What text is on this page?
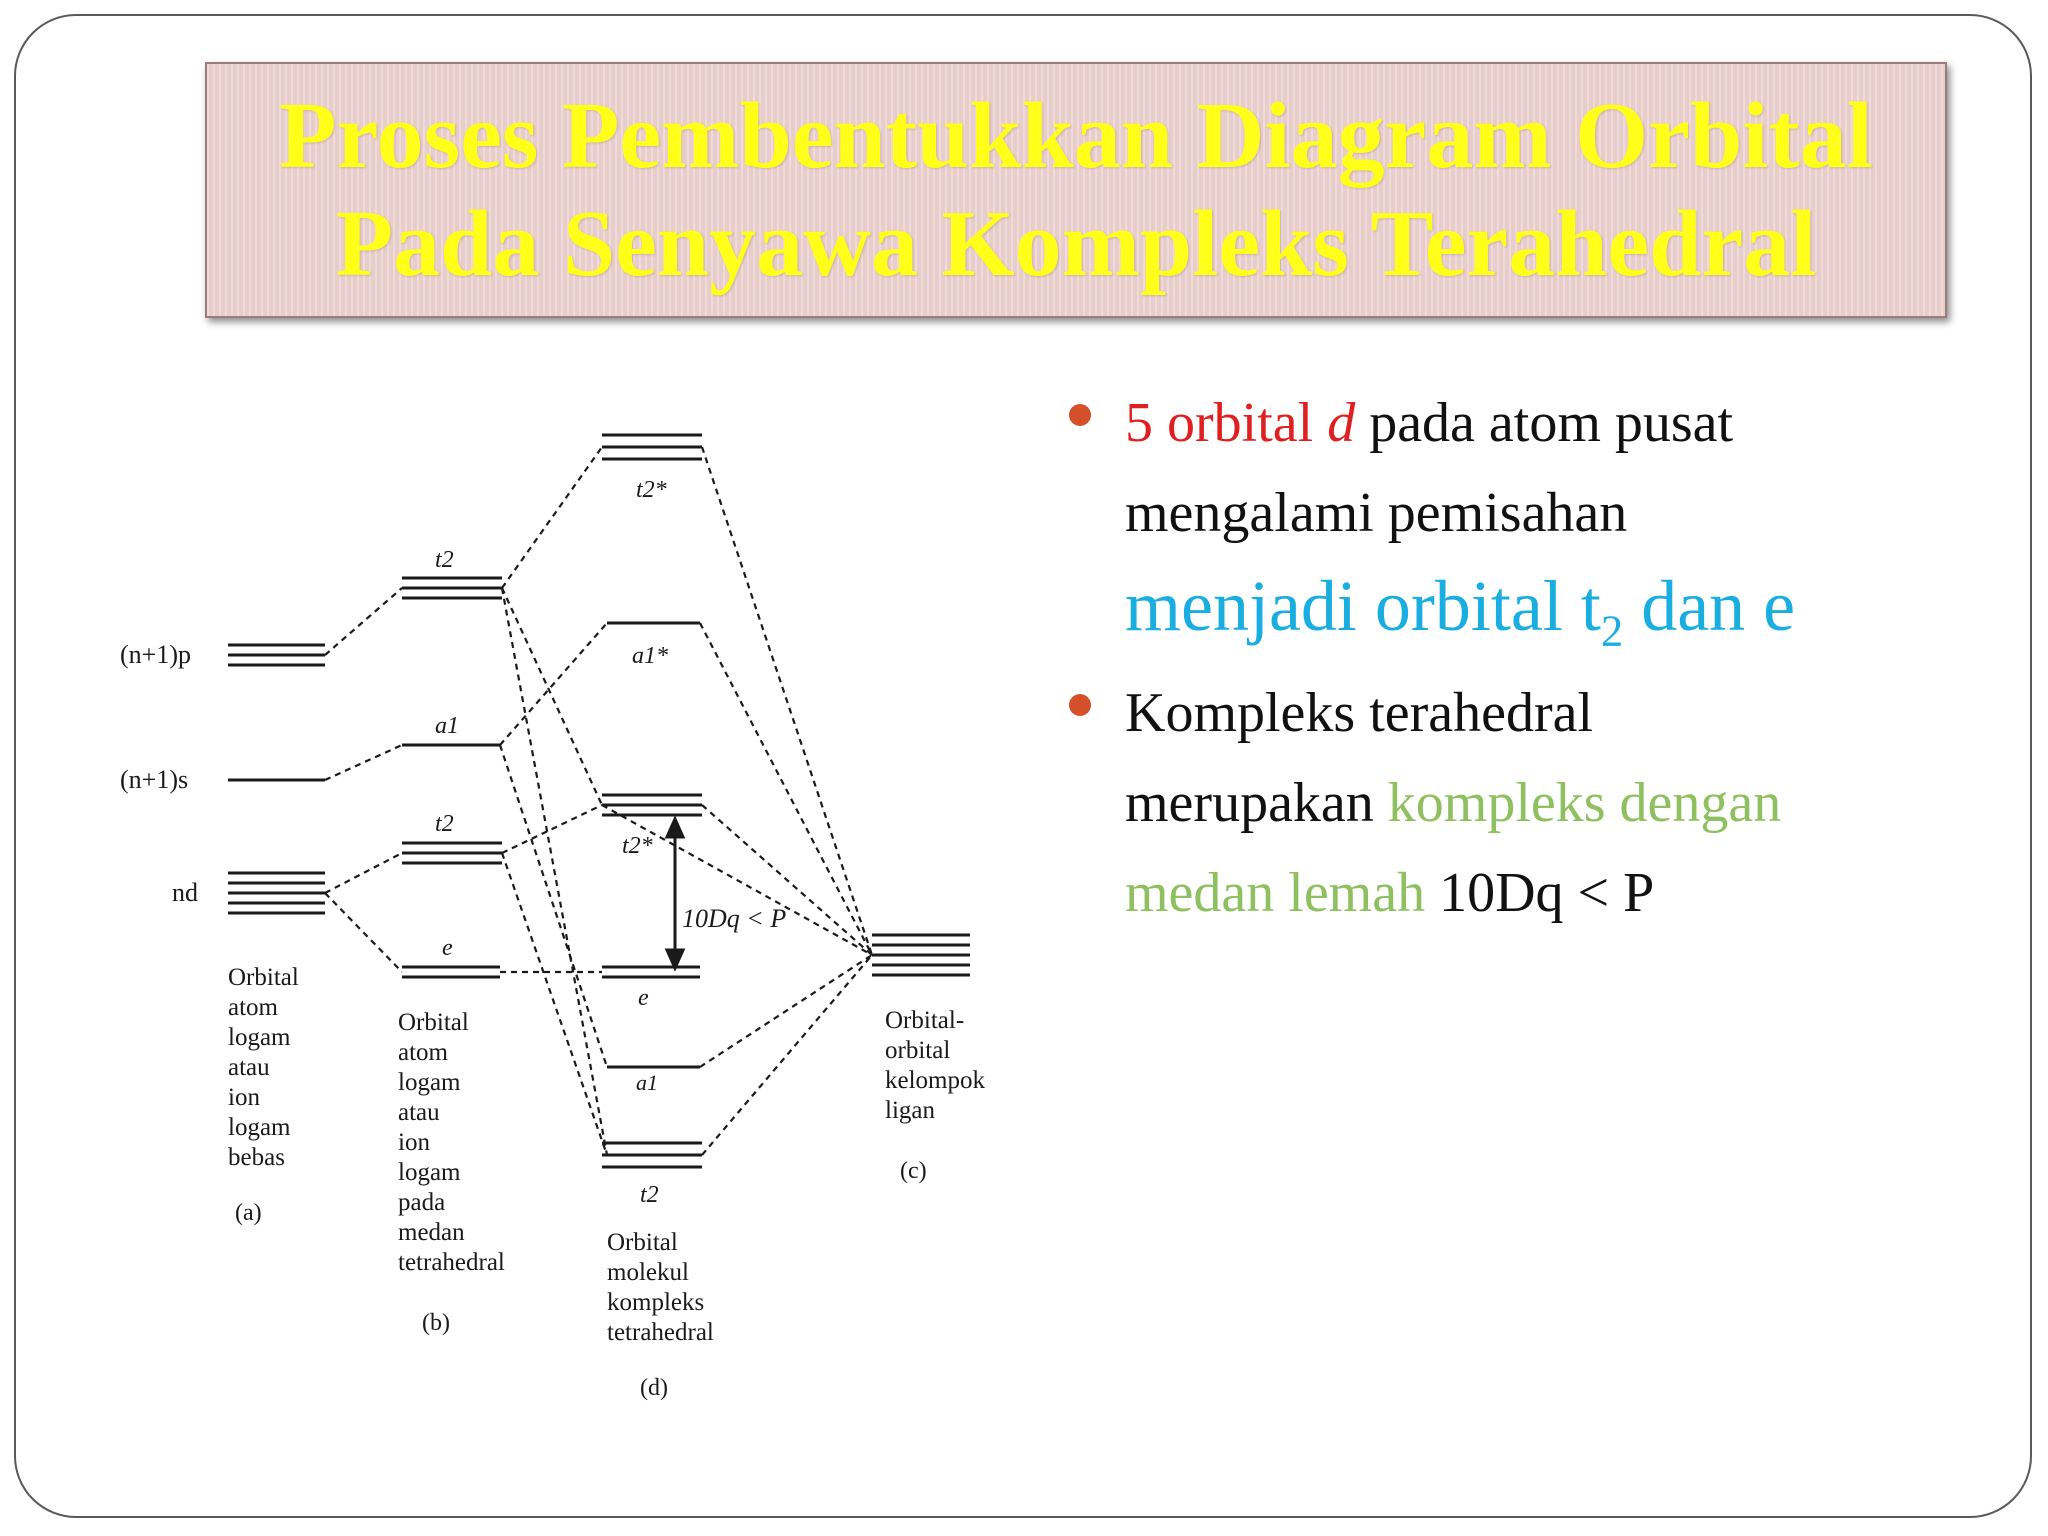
Proses Pembentukkan Diagram Orbital
Pada Senyawa Kompleks Terahedral
(n+1)p
(n+1)s
nd
t2
a1
t2
e
t2*
a1*
t2*
e
a1
t2
10Dq < P
Orbital
atom
logam
atau
ion
logam
bebas
(a)
Orbital
atom
logam
atau
ion
logam
pada
medan
tetrahedral
(b)
Orbital
molekul
kompleks
tetrahedral
(d)
Orbital-
orbital
kelompok
ligan
(c)
5 orbital d pada atom pusat
mengalami pemisahan
menjadi orbital $t_2$ dan e
Kompleks terahedral
merupakan kompleks dengan
medan lemah 10Dq < P
